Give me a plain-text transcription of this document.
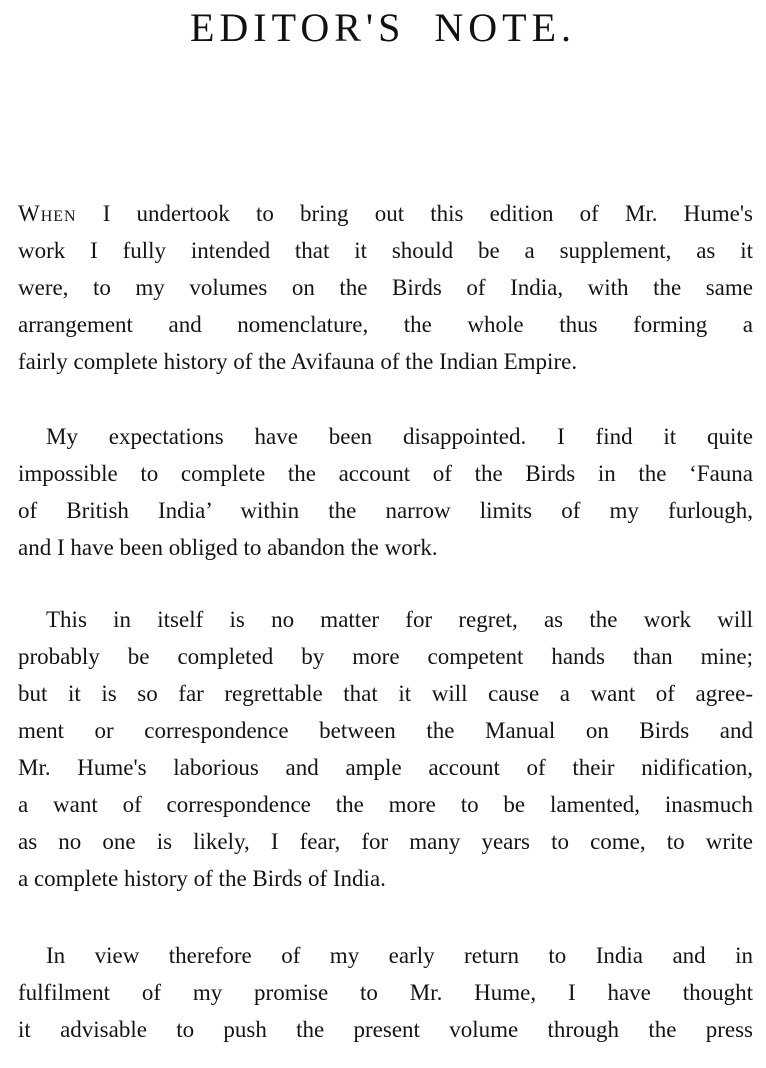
EDITOR'S NOTE.
When I undertook to bring out this edition of Mr. Hume's
work I fully intended that it should be a supplement, as it
were, to my volumes on the Birds of India, with the same
arrangement and nomenclature, the whole thus forming a
fairly complete history of the Avifauna of the Indian Empire.
My expectations have been disappointed. I find it quite
impossible to complete the account of the Birds in the ‘Fauna
of British India’ within the narrow limits of my furlough,
and I have been obliged to abandon the work.
This in itself is no matter for regret, as the work will
probably be completed by more competent hands than mine;
but it is so far regrettable that it will cause a want of agree-
ment or correspondence between the Manual on Birds and
Mr. Hume's laborious and ample account of their nidification,
a want of correspondence the more to be lamented, inasmuch
as no one is likely, I fear, for many years to come, to write
a complete history of the Birds of India.
In view therefore of my early return to India and in
fulfilment of my promise to Mr. Hume, I have thought
it advisable to push the present volume through the press
